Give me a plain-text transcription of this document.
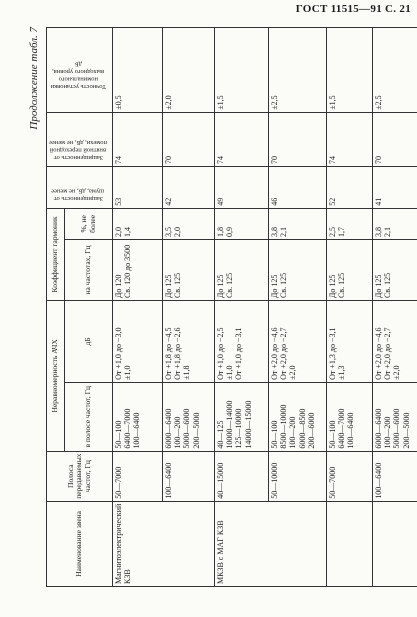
ГОСТ 11515—91 С. 21
Продолжение табл. 7
Наименование звена	Полоса передаваемых частот, Гц	Неравномерность АЧХ		Коэффициент гармоник		Защищенность от шума, дБ, не менее	Защищенность от внятной переходной помехи, дБ, не менее	Точность установки номинального выходного уровня, дБ
		в полосе частот, Гц	дБ	на частотах, Гц	%, не более			
Магнитоэлектрический КЗВ	50—7000	50—100 6400—7000 100—6400	От +1,0 до −3,0 ±1,0	До 120 Св. 120 до 3500	2,0 1,4	53	74	±0,5
	100—6400	6000—6400 100—200 5000—6000 200—5000	От +1,8 до −4,5 От +1,8 до −2,6 ±1,8	До 125 Св. 125	3,5 2,0	42	70	±2,0
МКЗВ с МАГ КЗВ	40—15000	40—125 10000—14000 125—10000 14000—15000	От +1,0 до −2,5 ±1,0 От +1,0 до −3,1	До 125 Св. 125	1,8 0,9	49	74	±1,5
	50—10000	50—100 8500—10000 100—200 6000—8500 200—6000	От +2,0 до −4,6 От +2,0 до −2,7 ±2,0	До 125 Св. 125	3,8 2,1	46	70	±2,5
	50—7000	50—100 6400—7000 100—6400	От +1,3 до −3,1 ±1,3	До 125 Св. 125	2,5 1,7	52	74	±1,5
	100—6400	6000—6400 100—200 5000—6000 200—5000	От +2,0 до −4,6 От +2,0 до −2,7 ±2,0	До 125 Св. 125	3,8 2,1	41	70	±2,5
